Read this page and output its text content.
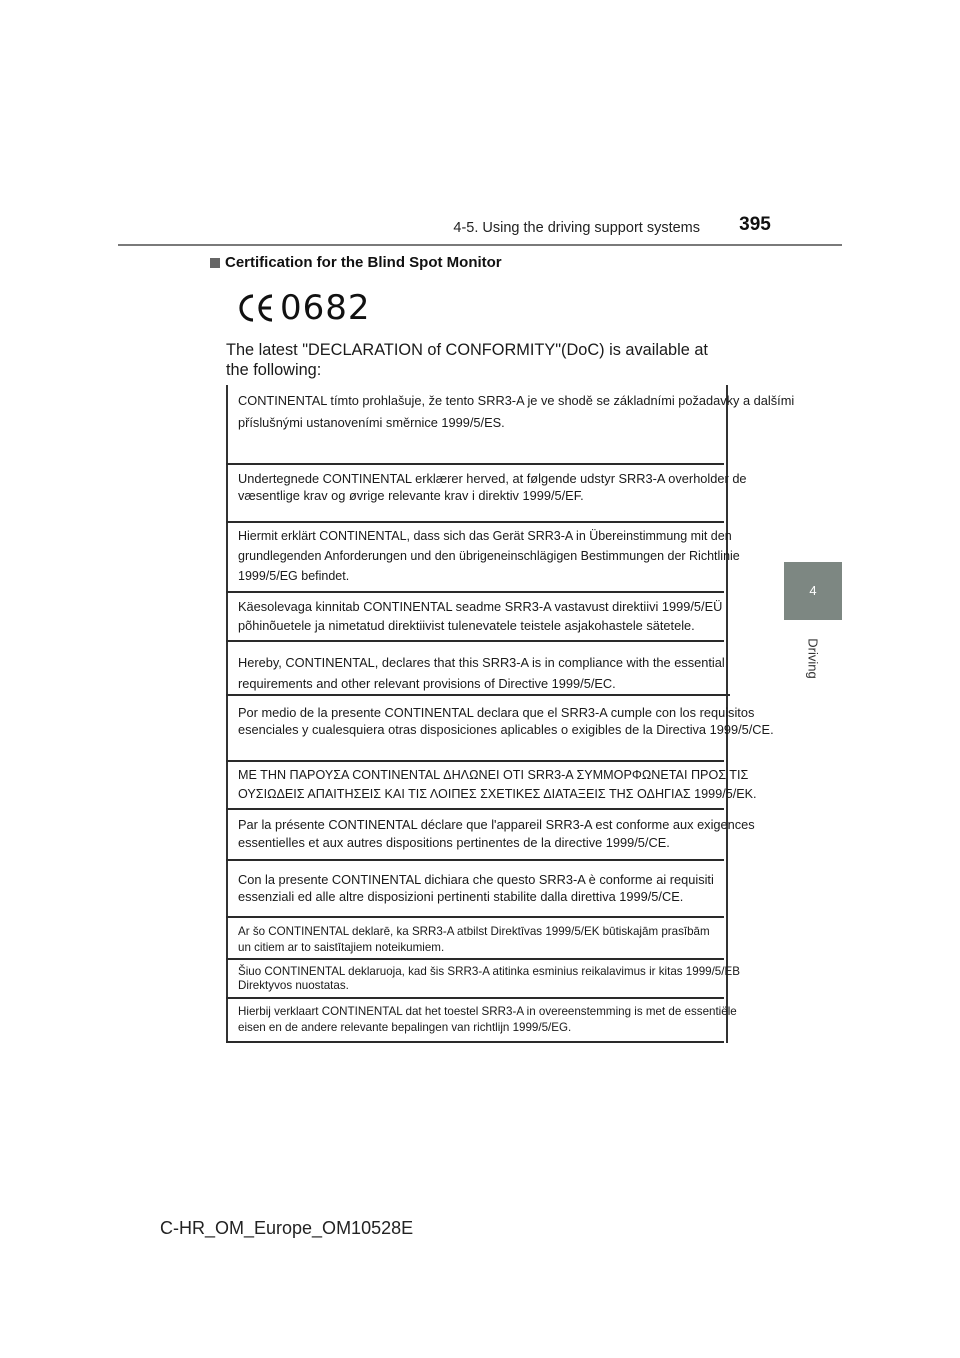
4-5. Using the driving support systems	395
4
Driving
Certification for the Blind Spot Monitor
0682
The latest "DECLARATION of CONFORMITY"(DoC) is available at the following:
CONTINENTAL tímto prohlašuje, že tento SRR3-A je ve shodě se základními požadavky a dalšími
příslušnými ustanoveními směrnice 1999/5/ES.
Undertegnede CONTINENTAL erklærer herved, at følgende udstyr SRR3-A overholder de
væsentlige krav og øvrige relevante krav i direktiv 1999/5/EF.
Hiermit erklärt CONTINENTAL, dass sich das Gerät SRR3-A in Übereinstimmung mit den
grundlegenden Anforderungen und den übrigeneinschlägigen Bestimmungen der Richtlinie
1999/5/EG befindet.
Käesolevaga kinnitab CONTINENTAL seadme SRR3-A vastavust direktiivi 1999/5/EÜ
põhinõuetele ja nimetatud direktiivist tulenevatele teistele asjakohastele sätetele.
Hereby, CONTINENTAL, declares that this SRR3-A is in compliance with the essential
requirements and other relevant provisions of Directive 1999/5/EC.
Por medio de la presente CONTINENTAL declara que el SRR3-A cumple con los requisitos
esenciales y cualesquiera otras disposiciones aplicables o exigibles de la Directiva 1999/5/CE.
ΜΕ ΤΗΝ ΠΑΡΟΥΣΑ CONTINENTAL ΔΗΛΩΝΕΙ ΟΤΙ SRR3-A ΣΥΜΜΟΡΦΩΝΕΤΑΙ ΠΡΟΣ ΤΙΣ
ΟΥΣΙΩΔΕΙΣ ΑΠΑΙΤΗΣΕΙΣ ΚΑΙ ΤΙΣ ΛΟΙΠΕΣ ΣΧΕΤΙΚΕΣ ΔΙΑΤΑΞΕΙΣ ΤΗΣ ΟΔΗΓΙΑΣ 1999/5/ΕΚ.
Par la présente CONTINENTAL déclare que l'appareil SRR3-A est conforme aux exigences
essentielles et aux autres dispositions pertinentes de la directive 1999/5/CE.
Con la presente CONTINENTAL dichiara che questo SRR3-A è conforme ai requisiti
essenziali ed alle altre disposizioni pertinenti stabilite dalla direttiva 1999/5/CE.
Ar šo CONTINENTAL deklarē, ka SRR3-A atbilst Direktīvas 1999/5/EK būtiskajām prasībām
un citiem ar to saistītajiem noteikumiem.
Šiuo CONTINENTAL deklaruoja, kad šis SRR3-A atitinka esminius reikalavimus ir kitas 1999/5/EB
Direktyvos nuostatas.
Hierbij verklaart CONTINENTAL dat het toestel SRR3-A in overeenstemming is met de essentiële
eisen en de andere relevante bepalingen van richtlijn 1999/5/EG.
C-HR_OM_Europe_OM10528E
